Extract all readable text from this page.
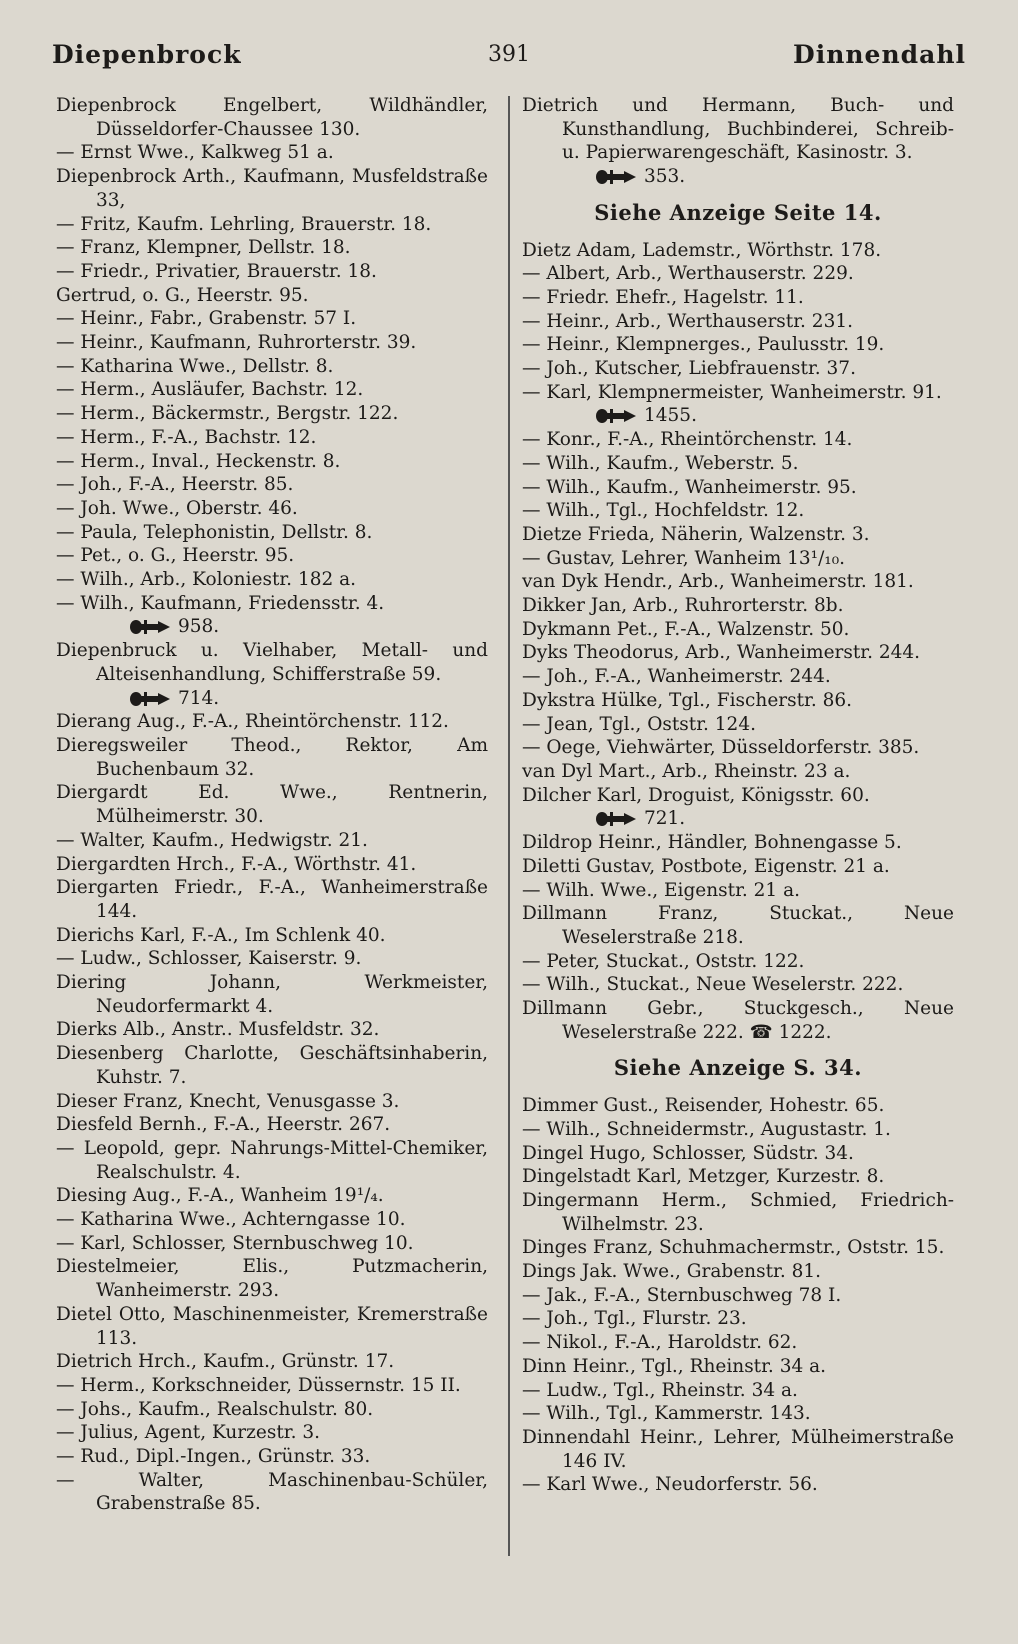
Diepenbrock	391	Dinnendahl
Diepenbrock Engelbert, Wildhändler, Düsseldorfer-Chaussee 130.
— Ernst Wwe., Kalkweg 51 a.
Diepenbrock Arth., Kaufmann, Musfeldstraße 33,
— Fritz, Kaufm. Lehrling, Brauerstr. 18.
— Franz, Klempner, Dellstr. 18.
— Friedr., Privatier, Brauerstr. 18.
Gertrud, o. G., Heerstr. 95.
— Heinr., Fabr., Grabenstr. 57 I.
— Heinr., Kaufmann, Ruhrorterstr. 39.
— Katharina Wwe., Dellstr. 8.
— Herm., Ausläufer, Bachstr. 12.
— Herm., Bäckermstr., Bergstr. 122.
— Herm., F.-A., Bachstr. 12.
— Herm., Inval., Heckenstr. 8.
— Joh., F.-A., Heerstr. 85.
— Joh. Wwe., Oberstr. 46.
— Paula, Telephonistin, Dellstr. 8.
— Pet., o. G., Heerstr. 95.
— Wilh., Arb., Koloniestr. 182 a.
— Wilh., Kaufmann, Friedensstr. 4.
958.
Diepenbruck u. Vielhaber, Metall- und Alteisenhandlung, Schifferstraße 59.
714.
Dierang Aug., F.-A., Rheintörchenstr. 112.
Dieregsweiler Theod., Rektor, Am Buchenbaum 32.
Diergardt Ed. Wwe., Rentnerin, Mülheimerstr. 30.
— Walter, Kaufm., Hedwigstr. 21.
Diergardten Hrch., F.-A., Wörthstr. 41.
Diergarten Friedr., F.-A., Wanheimerstraße 144.
Dierichs Karl, F.-A., Im Schlenk 40.
— Ludw., Schlosser, Kaiserstr. 9.
Diering Johann, Werkmeister, Neudorfermarkt 4.
Dierks Alb., Anstr.. Musfeldstr. 32.
Diesenberg Charlotte, Geschäftsinhaberin, Kuhstr. 7.
Dieser Franz, Knecht, Venusgasse 3.
Diesfeld Bernh., F.-A., Heerstr. 267.
— Leopold, gepr. Nahrungs-Mittel-Chemiker, Realschulstr. 4.
Diesing Aug., F.-A., Wanheim 19¹/₄.
— Katharina Wwe., Achterngasse 10.
— Karl, Schlosser, Sternbuschweg 10.
Diestelmeier, Elis., Putzmacherin, Wanheimerstr. 293.
Dietel Otto, Maschinenmeister, Kremerstraße 113.
Dietrich Hrch., Kaufm., Grünstr. 17.
— Herm., Korkschneider, Düssernstr. 15 II.
— Johs., Kaufm., Realschulstr. 80.
— Julius, Agent, Kurzestr. 3.
— Rud., Dipl.-Ingen., Grünstr. 33.
— Walter, Maschinenbau-Schüler, Grabenstraße 85.
Dietrich und Hermann, Buch- und Kunsthandlung, Buchbinderei, Schreib- u. Papierwarengeschäft, Kasinostr. 3.
353.
Siehe Anzeige Seite 14.
Dietz Adam, Lademstr., Wörthstr. 178.
— Albert, Arb., Werthauserstr. 229.
— Friedr. Ehefr., Hagelstr. 11.
— Heinr., Arb., Werthauserstr. 231.
— Heinr., Klempnerges., Paulusstr. 19.
— Joh., Kutscher, Liebfrauenstr. 37.
— Karl, Klempnermeister, Wanheimerstr. 91.
1455.
— Konr., F.-A., Rheintörchenstr. 14.
— Wilh., Kaufm., Weberstr. 5.
— Wilh., Kaufm., Wanheimerstr. 95.
— Wilh., Tgl., Hochfeldstr. 12.
Dietze Frieda, Näherin, Walzenstr. 3.
— Gustav, Lehrer, Wanheim 13¹/₁₀.
van Dyk Hendr., Arb., Wanheimerstr. 181.
Dikker Jan, Arb., Ruhrorterstr. 8b.
Dykmann Pet., F.-A., Walzenstr. 50.
Dyks Theodorus, Arb., Wanheimerstr. 244.
— Joh., F.-A., Wanheimerstr. 244.
Dykstra Hülke, Tgl., Fischerstr. 86.
— Jean, Tgl., Oststr. 124.
— Oege, Viehwärter, Düsseldorferstr. 385.
van Dyl Mart., Arb., Rheinstr. 23 a.
Dilcher Karl, Droguist, Königsstr. 60.
721.
Dildrop Heinr., Händler, Bohnengasse 5.
Diletti Gustav, Postbote, Eigenstr. 21 a.
— Wilh. Wwe., Eigenstr. 21 a.
Dillmann Franz, Stuckat., Neue Weselerstraße 218.
— Peter, Stuckat., Oststr. 122.
— Wilh., Stuckat., Neue Weselerstr. 222.
Dillmann Gebr., Stuckgesch., Neue Weselerstraße 222. ☎ 1222.
Siehe Anzeige S. 34.
Dimmer Gust., Reisender, Hohestr. 65.
— Wilh., Schneidermstr., Augustastr. 1.
Dingel Hugo, Schlosser, Südstr. 34.
Dingelstadt Karl, Metzger, Kurzestr. 8.
Dingermann Herm., Schmied, Friedrich-Wilhelmstr. 23.
Dinges Franz, Schuhmachermstr., Oststr. 15.
Dings Jak. Wwe., Grabenstr. 81.
— Jak., F.-A., Sternbuschweg 78 I.
— Joh., Tgl., Flurstr. 23.
— Nikol., F.-A., Haroldstr. 62.
Dinn Heinr., Tgl., Rheinstr. 34 a.
— Ludw., Tgl., Rheinstr. 34 a.
— Wilh., Tgl., Kammerstr. 143.
Dinnendahl Heinr., Lehrer, Mülheimerstraße 146 IV.
— Karl Wwe., Neudorferstr. 56.
